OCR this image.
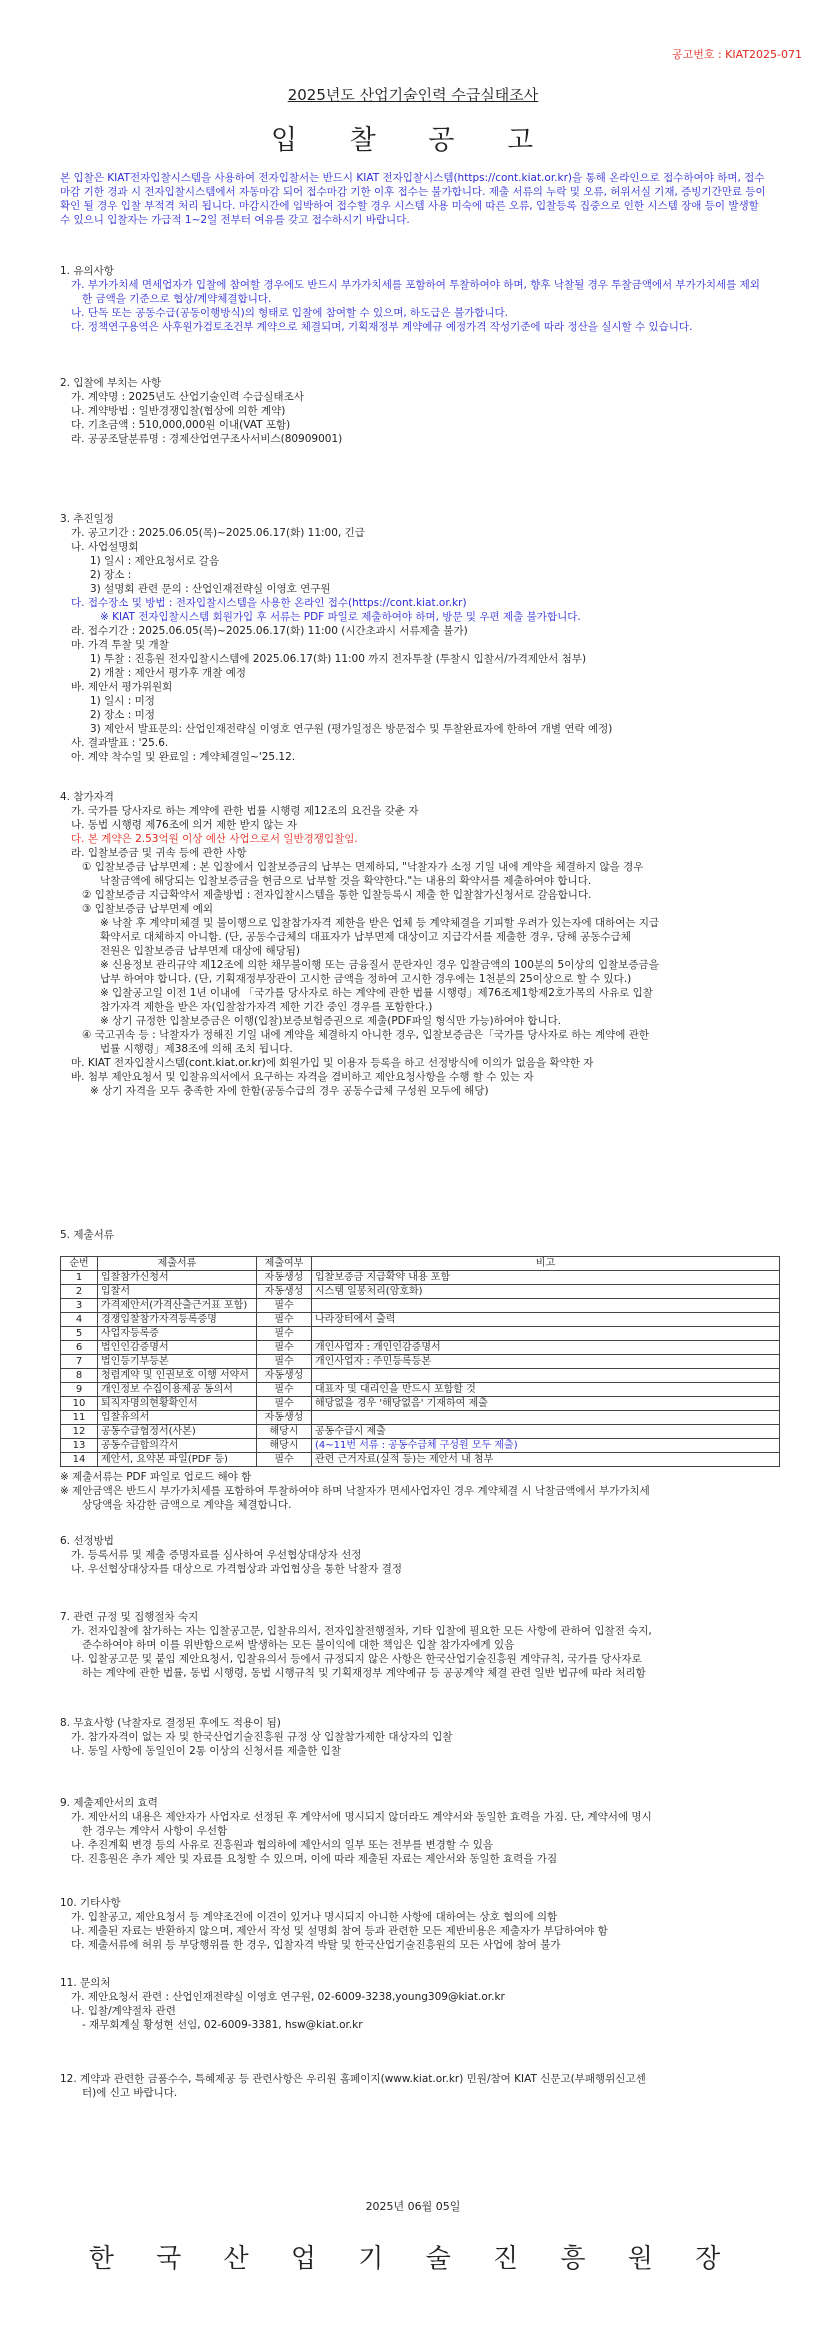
공고번호 : KIAT2025-071
2025년도 산업기술인력 수급실태조사
입 찰 공 고
본 입찰은 KIAT전자입찰시스템을 사용하여 전자입찰서는 반드시 KIAT 전자입찰시스템(https://cont.kiat.or.kr)을 통해 온라인으로 접수하여야 하며, 접수마감 기한 경과 시 전자입찰시스템에서 자동마감 되어 접수마감 기한 이후 접수는 불가합니다. 제출 서류의 누락 및 오류, 허위서실 기재, 증빙기간만료 등이 확인 될 경우 입찰 부적격 처리 됩니다. 마감시간에 임박하여 접수할 경우 시스템 사용 미숙에 따른 오류, 입찰등록 집중으로 인한 시스템 장애 등이 발생할 수 있으니 입찰자는 가급적 1~2일 전부터 여유를 갖고 접수하시기 바랍니다.
1. 유의사항
가. 부가가치세 면세업자가 입찰에 참여할 경우에도 반드시 부가가치세를 포함하여 투찰하여야 하며, 향후 낙찰될 경우 투찰금액에서 부가가치세를 제외한 금액을 기준으로 협상/계약체결합니다.
나. 단독 또는 공동수급(공동이행방식)의 형태로 입찰에 참여할 수 있으며, 하도급은 불가합니다.
다. 정책연구용역은 사후원가검토조건부 계약으로 체결되며, 기획재정부 계약예규 예정가격 작성기준에 따라 정산을 실시할 수 있습니다.
2. 입찰에 부치는 사항
가. 계약명 : 2025년도 산업기술인력 수급실태조사
나. 계약방법 : 일반경쟁입찰(협상에 의한 계약)
다. 기초금액 : 510,000,000원 이내(VAT 포함)
라. 공공조달분류명 : 경제산업연구조사서비스(80909001)
3. 추진일정
가. 공고기간 : 2025.06.05(목)~2025.06.17(화) 11:00, 긴급
나. 사업설명회
1) 일시 : 제안요청서로 갈음
2) 장소 :
3) 설명회 관련 문의 : 산업인재전략실 이영호 연구원
다. 접수장소 및 방법 : 전자입찰시스템을 사용한 온라인 접수(https://cont.kiat.or.kr)
※ KIAT 전자입찰시스템 회원가입 후 서류는 PDF 파일로 제출하여야 하며, 방문 및 우편 제출 불가합니다.
라. 접수기간 : 2025.06.05(목)~2025.06.17(화) 11:00 (시간초과시 서류제출 불가)
마. 가격 투찰 및 개찰
1) 투찰 : 진흥원 전자입찰시스템에 2025.06.17(화) 11:00 까지 전자투찰 (투찰시 입찰서/가격제안서 첨부)
2) 개찰 : 제안서 평가후 개찰 예정
바. 제안서 평가위원회
1) 일시 : 미정
2) 장소 : 미정
3) 제안서 발표문의: 산업인재전략실 이영호 연구원 (평가일정은 방문접수 및 투찰완료자에 한하여 개별 연락 예정)
사. 결과발표 : '25.6.
아. 계약 착수일 및 완료일 : 계약체결일~'25.12.
4. 참가자격
가. 국가를 당사자로 하는 계약에 관한 법률 시행령 제12조의 요건을 갖춘 자
나. 동법 시행령 제76조에 의거 제한 받지 않는 자
다. 본 계약은 2.53억원 이상 예산 사업으로서 일반경쟁입찰임.
라. 입찰보증금 및 귀속 등에 관한 사항
① 입찰보증금 납부면제 : 본 입찰에서 입찰보증금의 납부는 면제하되, "낙찰자가 소정 기일 내에 계약을 체결하지 않을 경우
낙찰금액에 해당되는 입찰보증금을 현금으로 납부할 것을 확약한다."는 내용의 확약서를 제출하여야 합니다.
② 입찰보증금 지급확약서 제출방법 : 전자입찰시스템을 통한 입찰등록시 제출 한 입찰참가신청서로 갈음합니다.
③ 입찰보증금 납부면제 예외
※ 낙찰 후 계약미체결 및 불이행으로 입찰참가자격 제한을 받은 업체 등 계약체결을 기피할 우려가 있는자에 대하여는 지급
확약서로 대체하지 아니함. (단, 공동수급체의 대표자가 납부면제 대상이고 지급각서를 제출한 경우, 당해 공동수급체
전원은 입찰보증금 납부면제 대상에 해당됨)
※ 신용정보 관리규약 제12조에 의한 채무불이행 또는 금융질서 문란자인 경우 입찰금액의 100분의 5이상의 입찰보증금을
납부 하여야 합니다. (단, 기획재정부장관이 고시한 금액을 정하여 고시한 경우에는 1천분의 25이상으로 할 수 있다.)
※ 입찰공고일 이전 1년 이내에 「국가를 당사자로 하는 계약에 관한 법률 시행령」제76조제1항제2호가목의 사유로 입찰
참가자격 제한을 받은 자(입찰참가자격 제한 기간 중인 경우를 포함한다.)
※ 상기 규정한 입찰보증금은 이행(입찰)보증보험증권으로 제출(PDF파일 형식만 가능)하여야 합니다.
④ 국고귀속 등 : 낙찰자가 정해진 기일 내에 계약을 체결하지 아니한 경우, 입찰보증금은「국가를 당사자로 하는 계약에 관한
법률 시행령」제38조에 의해 조치 됩니다.
마. KIAT 전자입찰시스템(cont.kiat.or.kr)에 회원가입 및 이용자 등록을 하고 선정방식에 이의가 없음을 확약한 자
바. 첨부 제안요청서 및 입찰유의서에서 요구하는 자격을 겸비하고 제안요청사항을 수행 할 수 있는 자
※ 상기 자격을 모두 충족한 자에 한함(공동수급의 경우 공동수급체 구성원 모두에 해당)
5. 제출서류
순번	제출서류	제출여부	비고
1	입찰참가신청서	자동생성	입찰보증금 지급확약 내용 포함
2	입찰서	자동생성	시스템 일봉처리(암호화)
3	가격제안서(가격산출근거표 포함)	필수	
4	경쟁입찰참가자격등록증명	필수	나라장터에서 출력
5	사업자등록증	필수	
6	법인인감증명서	필수	개인사업자 : 개인인감증명서
7	법인등기부등본	필수	개인사업자 : 주민등록등본
8	청렴계약 및 인권보호 이행 서약서	자동생성	
9	개인정보 수집이용제공 동의서	필수	대표자 및 대리인을 반드시 포함할 것
10	퇴직자명의현황확인서	필수	해당없을 경우 '해당없음' 기재하여 제출
11	입찰유의서	자동생성	
12	공동수급협정서(사본)	해당시	공동수급시 제출
13	공동수급합의각서	해당시	(4~11번 서류 : 공동수급체 구성원 모두 제출)
14	제안서, 요약본 파일(PDF 등)	필수	관련 근거자료(실적 등)는 제안서 내 첨부
※ 제출서류는 PDF 파일로 업로드 해야 함
※ 제안금액은 반드시 부가가치세를 포함하여 투찰하여야 하며 낙찰자가 면세사업자인 경우 계약체결 시 낙찰금액에서 부가가치세
상당액을 차감한 금액으로 계약을 체결합니다.
6. 선정방법
가. 등록서류 및 제출 증명자료를 심사하여 우선협상대상자 선정
나. 우선협상대상자를 대상으로 가격협상과 과업협상을 통한 낙찰자 결정
7. 관련 규정 및 집행절차 숙지
가. 전자입찰에 참가하는 자는 입찰공고문, 입찰유의서, 전자입찰전행절차, 기타 입찰에 필요한 모든 사항에 관하여 입찰전 숙지,
준수하여야 하며 이를 위반함으로써 발생하는 모든 불이익에 대한 책임은 입찰 참가자에게 있음
나. 입찰공고문 및 붙임 제안요청서, 입찰유의서 등에서 규정되지 않은 사항은 한국산업기술진흥원 계약규칙, 국가를 당사자로
하는 계약에 관한 법률, 동법 시행령, 동법 시행규칙 및 기획재정부 계약예규 등 공공계약 체결 관련 일반 법규에 따라 처리함
8. 무효사항 (낙찰자로 결정된 후에도 적용이 됨)
가. 참가자격이 없는 자 및 한국산업기술진흥원 규정 상 입찰참가제한 대상자의 입찰
나. 동일 사항에 동일인이 2통 이상의 신청서를 제출한 입찰
9. 제출제안서의 효력
가. 제안서의 내용은 제안자가 사업자로 선정된 후 계약서에 명시되지 않더라도 계약서와 동일한 효력을 가짐. 단, 계약서에 명시
한 경우는 계약서 사항이 우선함
나. 추진계획 변경 등의 사유로 진흥원과 협의하에 제안서의 일부 또는 전부를 변경할 수 있음
다. 진흥원은 추가 제안 및 자료를 요청할 수 있으며, 이에 따라 제출된 자료는 제안서와 동일한 효력을 가짐
10. 기타사항
가. 입찰공고, 제안요청서 등 계약조건에 이견이 있거나 명시되지 아니한 사항에 대하여는 상호 협의에 의함
나. 제출된 자료는 반환하지 않으며, 제안서 작성 및 설명회 참여 등과 관련한 모든 제반비용은 제출자가 부담하여야 함
다. 제출서류에 허위 등 부당행위를 한 경우, 입찰자격 박탈 및 한국산업기술진흥원의 모든 사업에 참여 불가
11. 문의처
가. 제안요청서 관련 : 산업인재전략실 이영호 연구원, 02-6009-3238,young309@kiat.or.kr
나. 입찰/계약절차 관련
- 재무회계실 황성현 선임, 02-6009-3381, hsw@kiat.or.kr
12. 계약과 관련한 금품수수, 특혜제공 등 관련사항은 우리원 홈페이지(www.kiat.or.kr) 민원/참여 KIAT 신문고(부패행위신고센
터)에 신고 바랍니다.
2025년 06월 05일
한 국 산 업 기 술 진 흥 원 장
